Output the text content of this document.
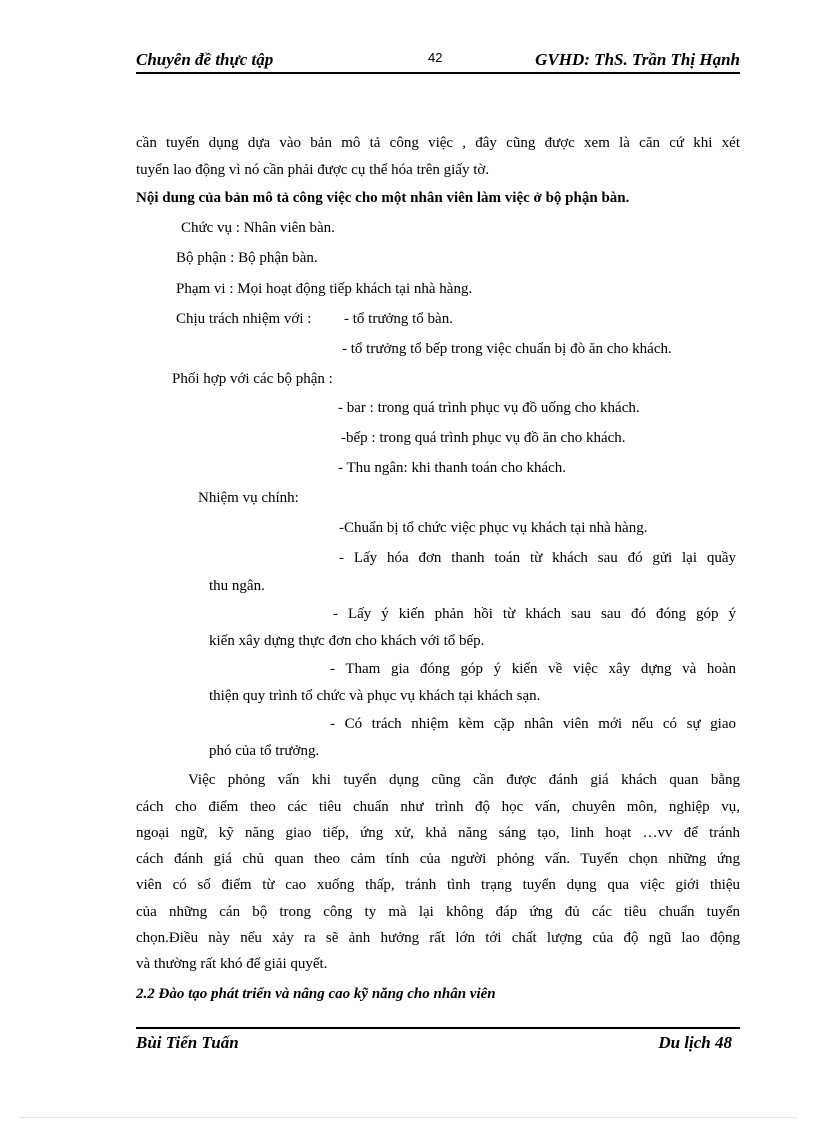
Chuyên đề thực tập	42	GVHD: ThS. Trần Thị Hạnh
cần tuyển dụng dựa vào bản mô tả công việc , đây cũng được xem là căn cứ khi xét
tuyển lao động vì nó cần phải được cụ thể hóa trên giấy tờ.
Nội dung của bản mô tả công việc cho một nhân viên làm việc ở bộ phận bàn.
Chức vụ : Nhân viên bàn.
Bộ phận : Bộ phận bàn.
Phạm vi : Mọi hoạt động tiếp khách tại nhà hàng.
Chịu trách nhiệm với : - tổ trưởng tổ bàn.
- tổ trưởng tổ bếp trong việc chuẩn bị đò ăn cho khách.
Phối hợp với các bộ phận :
- bar : trong quá trình phục vụ đồ uống cho khách.
-bếp : trong quá trình phục vụ đồ ăn cho khách.
- Thu ngân: khi thanh toán cho khách.
Nhiệm vụ chính:
-Chuẩn bị tổ chức việc phục vụ khách tại nhà hàng.
- Lấy hóa đơn thanh toán từ khách sau đó gửi lại quầy
thu ngân.
- Lấy ý kiến phản hồi từ khách sau sau đó đóng góp ý
kiến xây dựng thực đơn cho khách với tổ bếp.
- Tham gia đóng góp ý kiến về việc xây dựng và hoàn
thiện quy trình tổ chức và phục vụ khách tại khách sạn.
- Có trách nhiệm kèm cặp nhân viên mới nếu có sự giao
phó của tổ trưởng.
Việc phỏng vấn khi tuyển dụng cũng cần được đánh giá khách quan bằng
cách cho điểm theo các tiêu chuẩn như trình độ học vấn, chuyên môn, nghiệp vụ,
ngoại ngữ, kỹ năng giao tiếp, ứng xử, khả năng sáng tạo, linh hoạt …vv để tránh
cách đánh giá chủ quan theo cảm tính của người phỏng vấn. Tuyển chọn những ứng
viên có số điểm từ cao xuống thấp, tránh tình trạng tuyển dụng qua việc giới thiệu
của những cán bộ trong công ty mà lại không đáp ứng đủ các tiêu chuẩn tuyển
chọn.Điều này nếu xảy ra sẽ ảnh hưởng rất lớn tới chất lượng của độ ngũ lao động
và thường rất khó để giải quyết.
2.2 Đào tạo phát triển và nâng cao kỹ năng cho nhân viên
Bùi Tiến Tuấn	Du lịch 48
